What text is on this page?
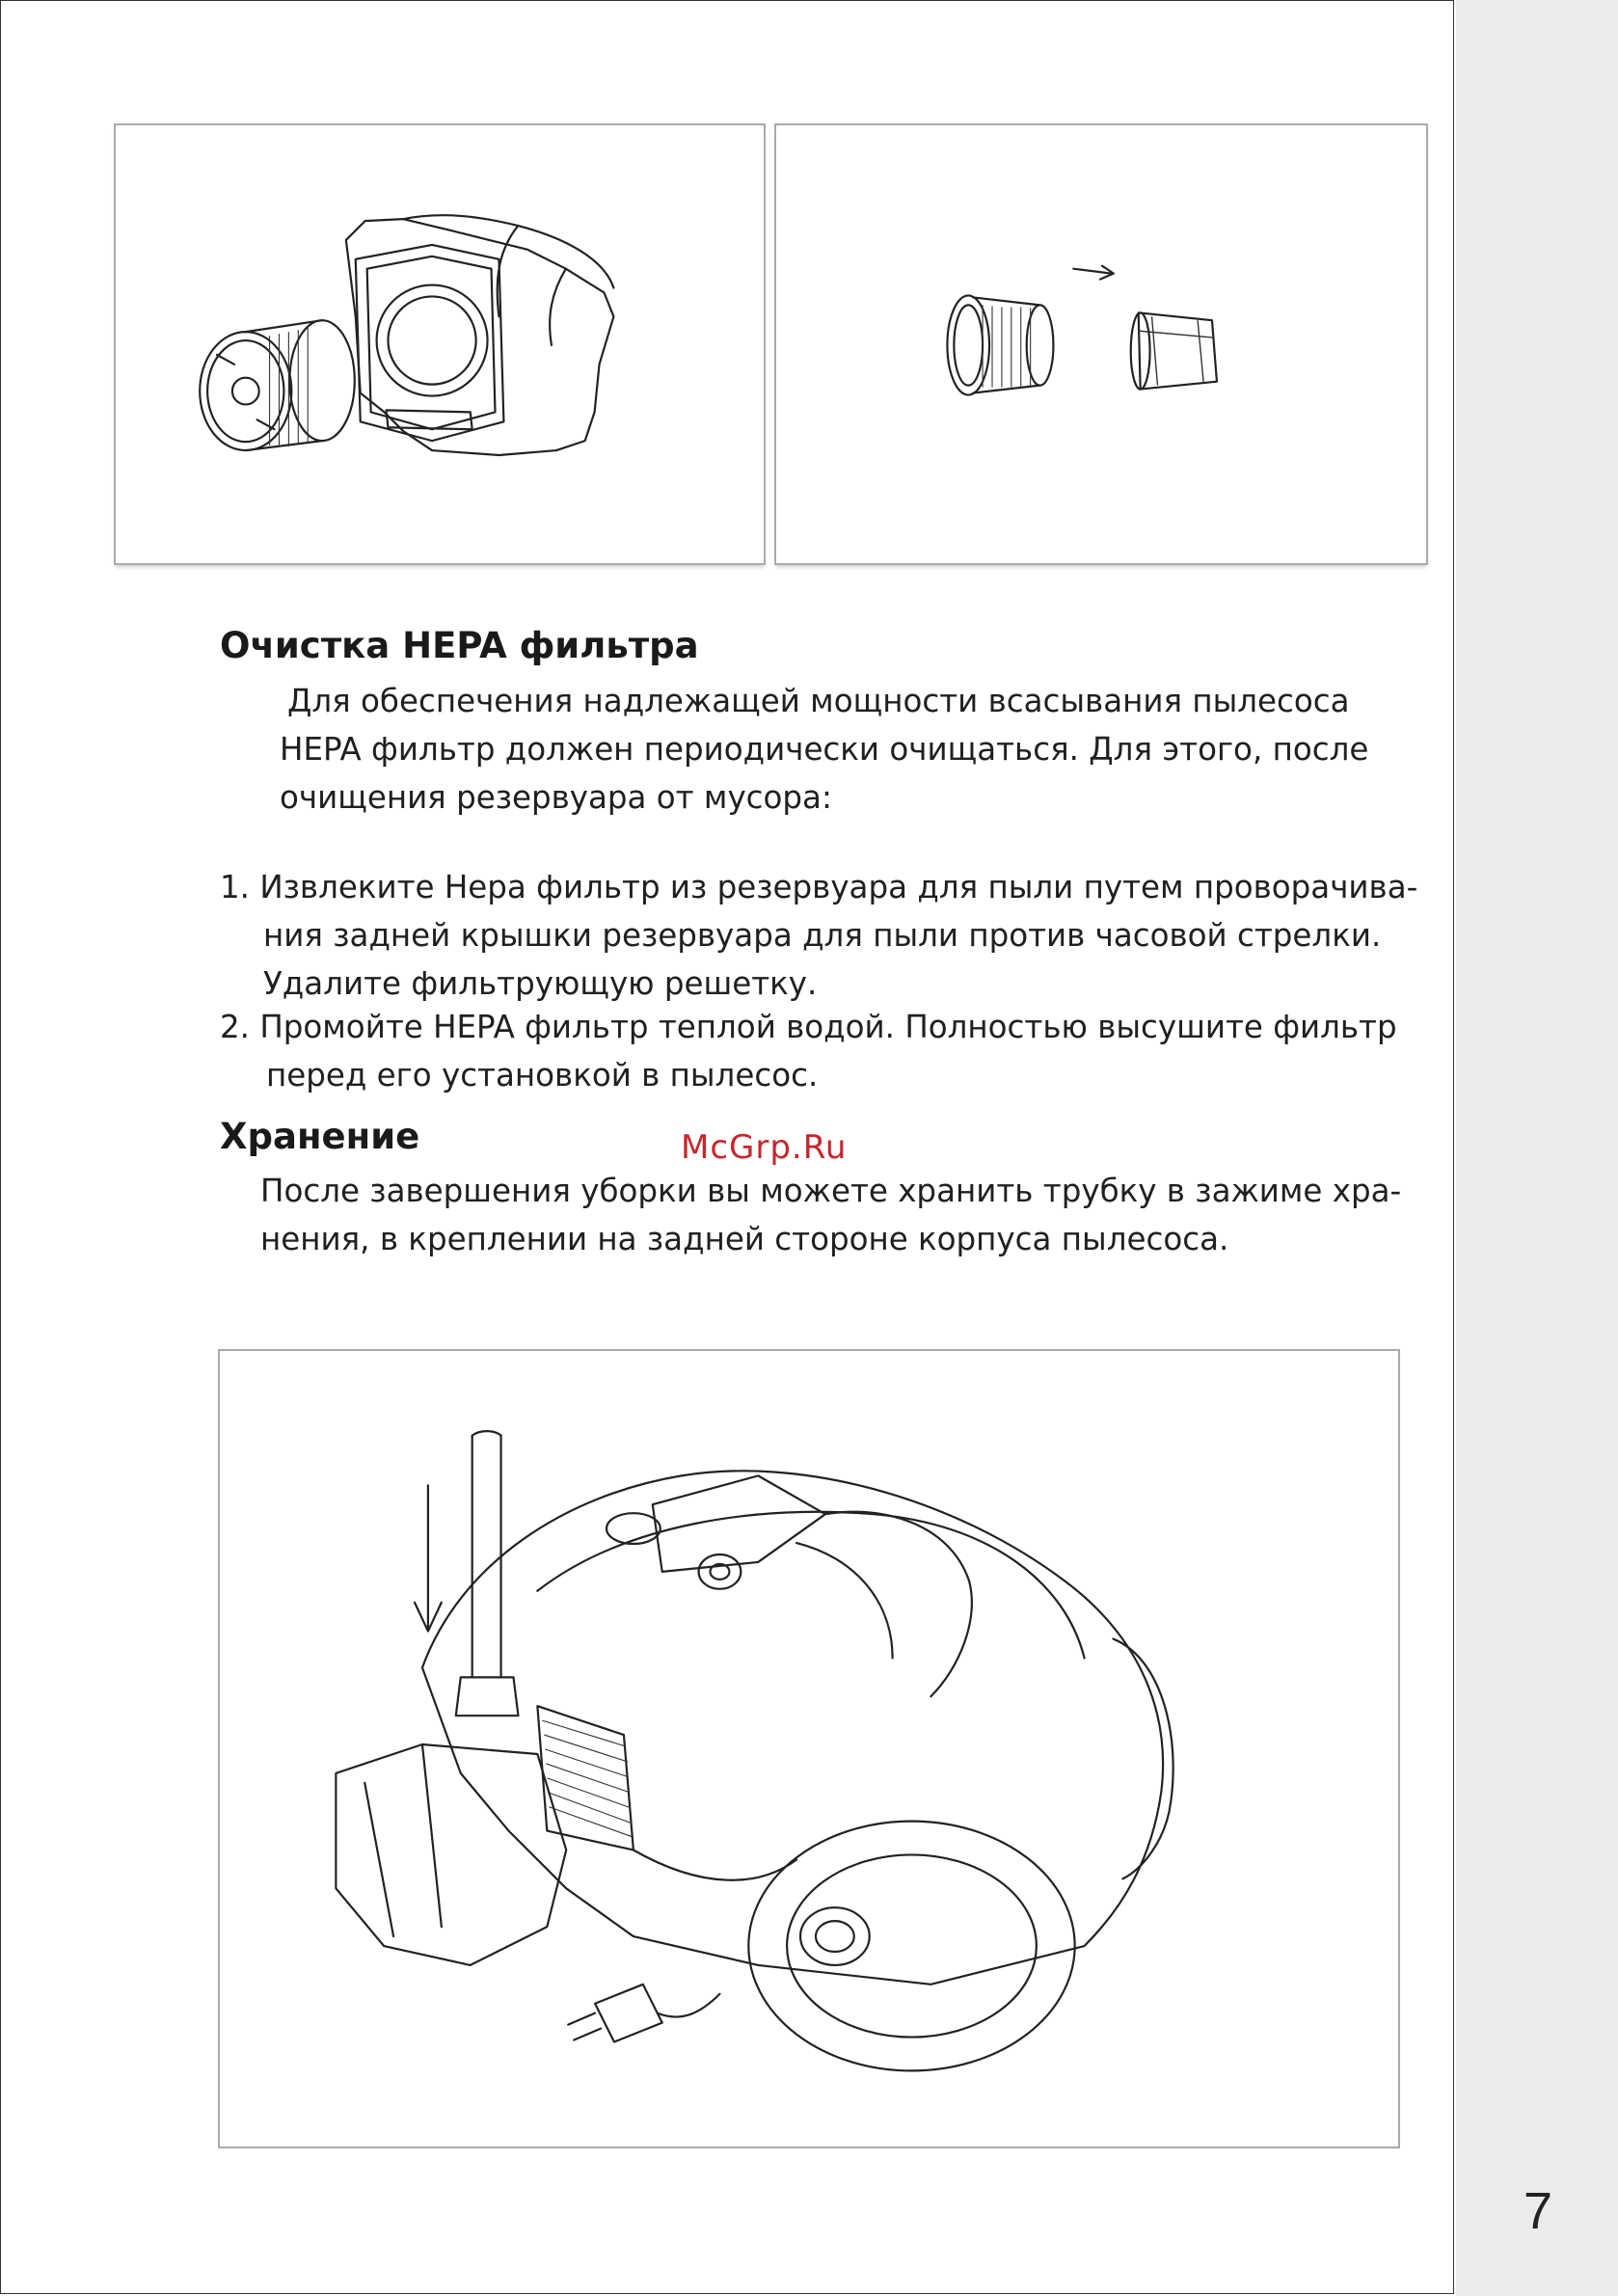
7
Очистка HEPA фильтра
Для обеспечения надлежащей мощности всасывания пылесоса
HEPA фильтр должен периодически очищаться. Для этого, после
очищения резервуара от мусора:
1. Извлеките Hepa фильтр из резервуара для пыли путем проворачива-
ния задней крышки резервуара для пыли против часовой стрелки.
Удалите фильтрующую решетку.
2. Промойте HEPA фильтр теплой водой. Полностью высушите фильтр
перед его установкой в пылесос.
Хранение	McGrp.Ru
После завершения уборки вы можете хранить трубку в зажиме хра-
нения, в креплении на задней стороне корпуса пылесоса.
